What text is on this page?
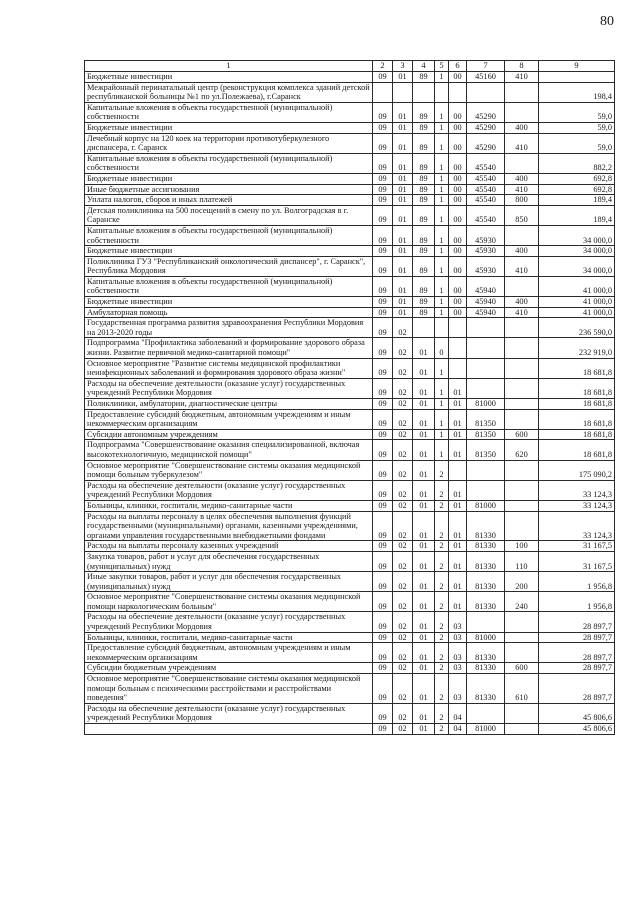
80
1	2	3	4	5	6	7	8	9
Бюджетные инвестиции	09	01	89	1	00	45160	410	
Межрайонный перинатальный центр (реконструкция комплекса зданий детской республиканской больницы №1 по ул.Полежаева), г.Саранск								198,4
Капитальные вложения в объекты государственной (муниципальной) собственности	09	01	89	1	00	45290		59,0
Бюджетные инвестиции	09	01	89	1	00	45290	400	59,0
Лечебный корпус на 120 коек на территории противотуберкулезного диспансера, г. Саранск	09	01	89	1	00	45290	410	59,0
Капитальные вложения в объекты государственной (муниципальной) собственности	09	01	89	1	00	45540		882,2
Бюджетные инвестиции	09	01	89	1	00	45540	400	692,8
Иные бюджетные ассигнования	09	01	89	1	00	45540	410	692,8
Уплата налогов, сборов и иных платежей	09	01	89	1	00	45540	800	189,4
Детская поликлиника на 500 посещений в смену по ул. Волгоградская в г. Саранске	09	01	89	1	00	45540	850	189,4
Капитальные вложения в объекты государственной (муниципальной) собственности	09	01	89	1	00	45930		34 000,0
Бюджетные инвестиции	09	01	89	1	00	45930	400	34 000,0
Поликлиника ГУЗ "Республиканский онкологический диспансер", г. Саранск", Республика Мордовия	09	01	89	1	00	45930	410	34 000,0
Капитальные вложения в объекты государственной (муниципальной) собственности	09	01	89	1	00	45940		41 000,0
Бюджетные инвестиции	09	01	89	1	00	45940	400	41 000,0
Амбулаторная помощь	09	01	89	1	00	45940	410	41 000,0
Государственная программа развития здравоохранения Республики Мордовия на 2013-2020 годы	09	02						236 590,0
Подпрограмма "Профилактика заболеваний и формирование здорового образа жизни. Развитие первичной медико-санитарной помощи"	09	02	01	0				232 919,0
Основное мероприятие "Развитие системы медицинской профилактики неинфекционных заболеваний и формирования здорового образа жизни"	09	02	01	1				18 681,8
Расходы на обеспечение деятельности (оказание услуг) государственных учреждений Республики Мордовия	09	02	01	1	01			18 681,8
Поликлиники, амбулатории, диагностические центры	09	02	01	1	01	81000		18 681,8
Предоставление субсидий бюджетным, автономным учреждениям и иным некоммерческим организациям	09	02	01	1	01	81350		18 681,8
Субсидии автономным учреждениям	09	02	01	1	01	81350	600	18 681,8
Подпрограмма "Совершенствование оказания специализированной, включая высокотехнологичную, медицинской помощи"	09	02	01	1	01	81350	620	18 681,8
Основное мероприятие "Совершенствование системы оказания медицинской помощи больным туберкулезом"	09	02	01	2				175 090,2
Расходы на обеспечение деятельности (оказание услуг) государственных учреждений Республики Мордовия	09	02	01	2	01			33 124,3
Больницы, клиники, госпитали, медико-санитарные части	09	02	01	2	01	81000		33 124,3
Расходы на выплаты персоналу в целях обеспечения выполнения функций государственными (муниципальными) органами, казенными учреждениями, органами управления государственными внебюджетными фондами	09	02	01	2	01	81330		33 124,3
Расходы на выплаты персоналу казенных учреждений	09	02	01	2	01	81330	100	31 167,5
Закупка товаров, работ и услуг для обеспечения государственных (муниципальных) нужд	09	02	01	2	01	81330	110	31 167,5
Иные закупки товаров, работ и услуг для обеспечения государственных (муниципальных) нужд	09	02	01	2	01	81330	200	1 956,8
Основное мероприятие "Совершенствование системы оказания медицинской помощи наркологическим больным"	09	02	01	2	01	81330	240	1 956,8
Расходы на обеспечение деятельности (оказание услуг) государственных учреждений Республики Мордовия	09	02	01	2	03			28 897,7
Больницы, клиники, госпитали, медико-санитарные части	09	02	01	2	03	81000		28 897,7
Предоставление субсидий бюджетным, автономным учреждениям и иным некоммерческим организациям	09	02	01	2	03	81330		28 897,7
Субсидии бюджетным учреждениям	09	02	01	2	03	81330	600	28 897,7
Основное мероприятие "Совершенствование системы оказания медицинской помощи больным с психическими расстройствами и расстройствами поведения"	09	02	01	2	03	81330	610	28 897,7
Расходы на обеспечение деятельности (оказание услуг) государственных учреждений Республики Мордовия	09	02	01	2	04			45 806,6
	09	02	01	2	04	81000		45 806,6
